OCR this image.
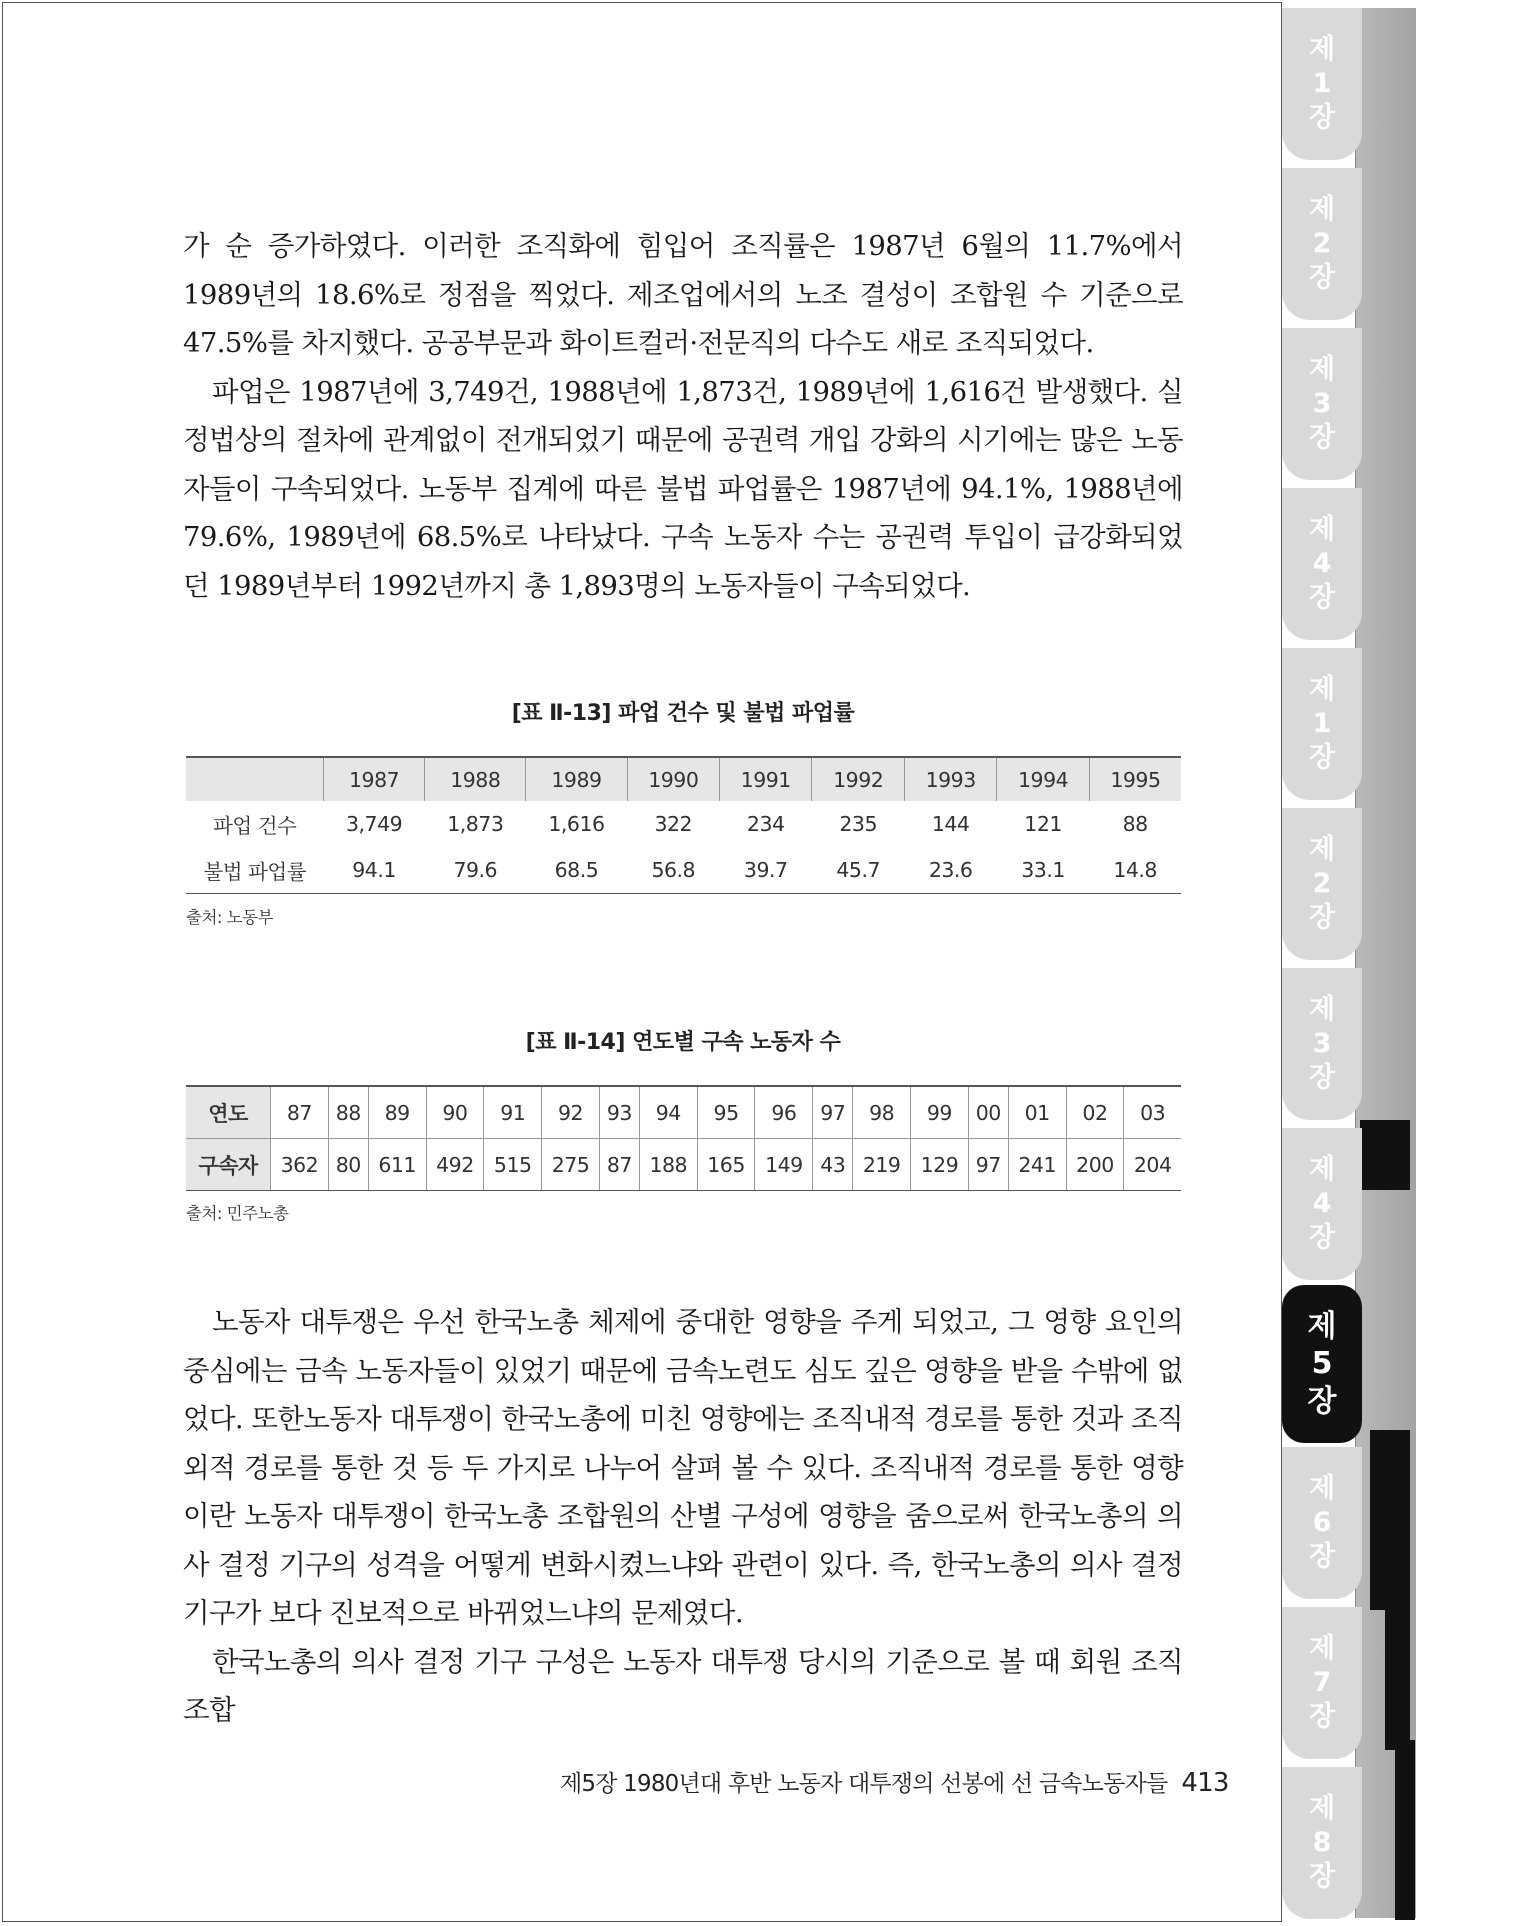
제
1
장
제
2
장
제
3
장
제
4
장
제
1
장
제
2
장
제
3
장
제
4
장
제
5
장
제
6
장
제
7
장
제
8
장

가 순 증가하였다. 이러한 조직화에 힘입어 조직률은 1987년 6월의 11.7%에서 1989년의 18.6%로 정점을 찍었다. 제조업에서의 노조 결성이 조합원 수 기준으로 47.5%를 차지했다. 공공부문과 화이트컬러·전문직의 다수도 새로 조직되었다.

파업은 1987년에 3,749건, 1988년에 1,873건, 1989년에 1,616건 발생했다. 실정법상의 절차에 관계없이 전개되었기 때문에 공권력 개입 강화의 시기에는 많은 노동자들이 구속되었다. 노동부 집계에 따른 불법 파업률은 1987년에 94.1%, 1988년에 79.6%, 1989년에 68.5%로 나타났다. 구속 노동자 수는 공권력 투입이 급강화되었던 1989년부터 1992년까지 총 1,893명의 노동자들이 구속되었다.

[표 Ⅱ-13] 파업 건수 및 불법 파업률
	1987	1988	1989	1990	1991	1992	1993	1994	1995
파업 건수	3,749	1,873	1,616	322	234	235	144	121	88
불법 파업률	94.1	79.6	68.5	56.8	39.7	45.7	23.6	33.1	14.8
출처: 노동부
[표 Ⅱ-14] 연도별 구속 노동자 수
연도	87	88	89	90	91	92	93	94	95	96	97	98	99	00	01	02	03
구속자	362	80	611	492	515	275	87	188	165	149	43	219	129	97	241	200	204
출처: 민주노총

노동자 대투쟁은 우선 한국노총 체제에 중대한 영향을 주게 되었고, 그 영향 요인의 중심에는 금속 노동자들이 있었기 때문에 금속노련도 심도 깊은 영향을 받을 수밖에 없었다. 또한노동자 대투쟁이 한국노총에 미친 영향에는 조직내적 경로를 통한 것과 조직외적 경로를 통한 것 등 두 가지로 나누어 살펴 볼 수 있다. 조직내적 경로를 통한 영향이란 노동자 대투쟁이 한국노총 조합원의 산별 구성에 영향을 줌으로써 한국노총의 의사 결정 기구의 성격을 어떻게 변화시켰느냐와 관련이 있다. 즉, 한국노총의 의사 결정 기구가 보다 진보적으로 바뀌었느냐의 문제였다.

한국노총의 의사 결정 기구 구성은 노동자 대투쟁 당시의 기준으로 볼 때 회원 조직 조합

제5장 1980년대 후반 노동자 대투쟁의 선봉에 선 금속노동자들 413
